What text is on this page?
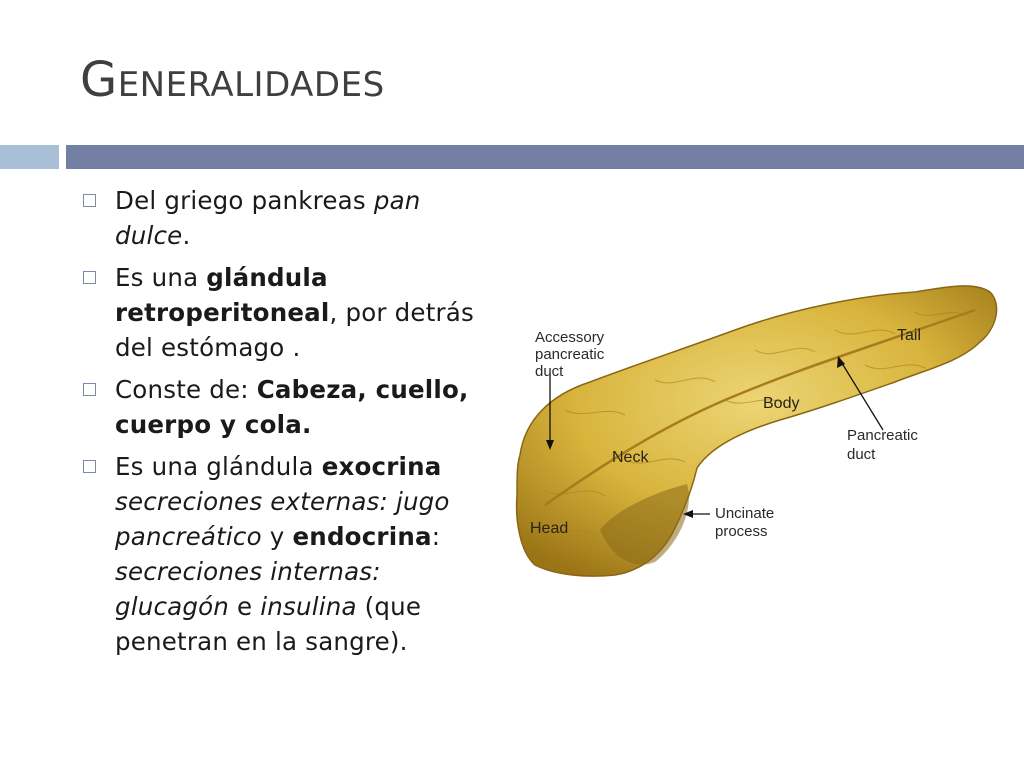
Generalidades
Del griego pankreas pan dulce.
Es una glándula retroperitoneal, por detrás del estómago .
Conste de: Cabeza, cuello, cuerpo y cola.
Es una glándula exocrina secreciones externas: jugo pancreático y endocrina: secreciones internas: glucagón e insulina (que penetran en la sangre).
Accessory pancreatic duct
Tail
Body
Neck
Head
Pancreatic duct
Uncinate process
